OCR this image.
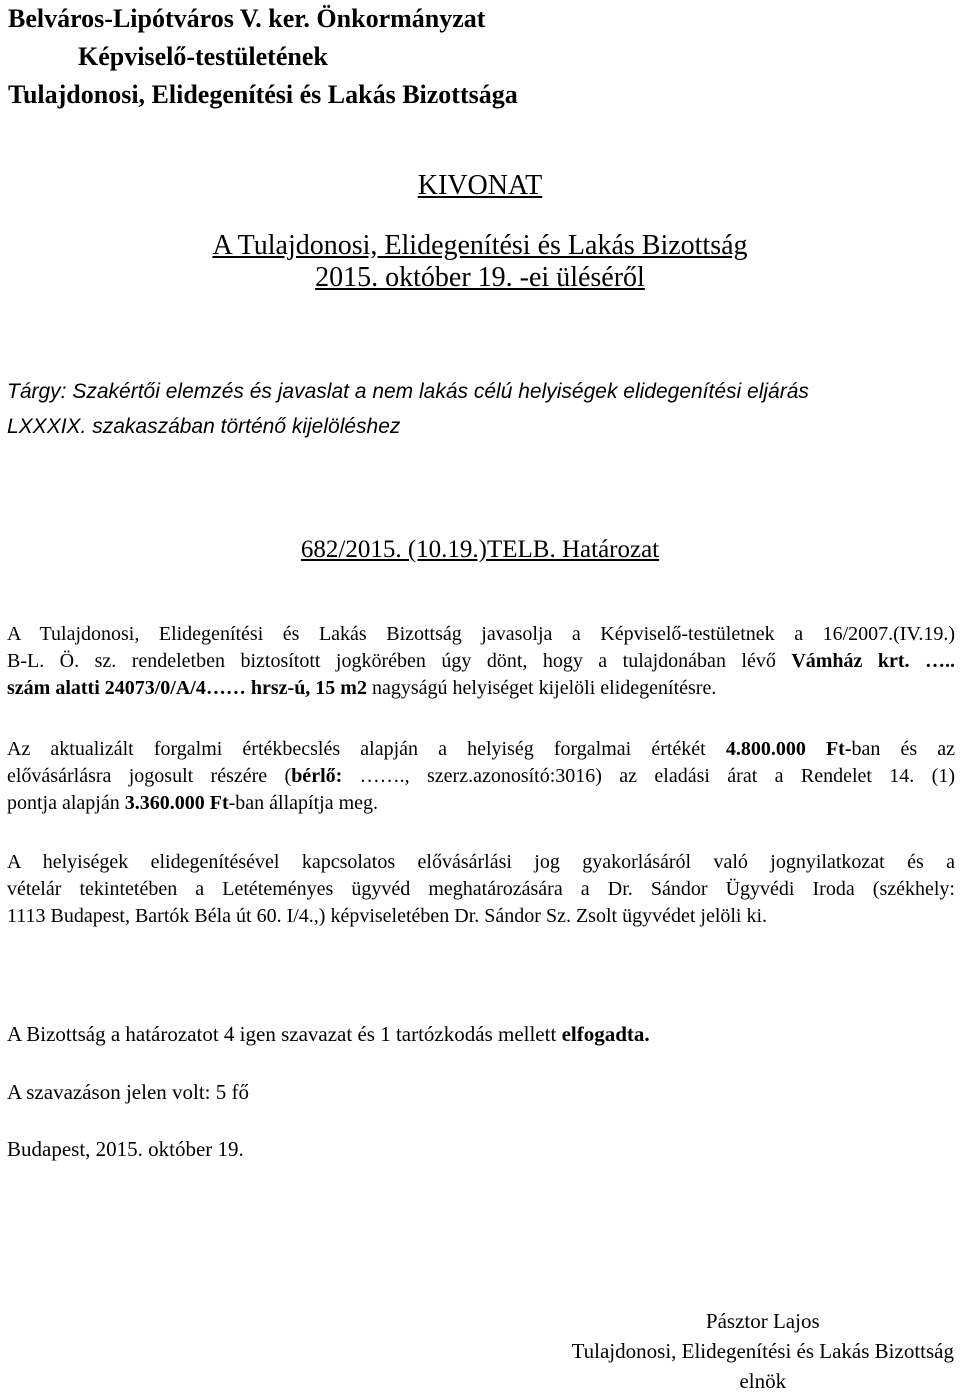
Belváros-Lipótváros V. ker. Önkormányzat
Képviselő-testületének
Tulajdonosi, Elidegenítési és Lakás Bizottsága
KIVONAT
A Tulajdonosi, Elidegenítési és Lakás Bizottság
2015. október 19. -ei üléséről
Tárgy: Szakértői elemzés és javaslat a nem lakás célú helyiségek elidegenítési eljárás
LXXXIX. szakaszában történő kijelöléshez
682/2015. (10.19.)TELB. Határozat
A Tulajdonosi, Elidegenítési és Lakás Bizottság javasolja a Képviselő-testületnek a 16/2007.(IV.19.)
B-L. Ö. sz. rendeletben biztosított jogkörében úgy dönt, hogy a tulajdonában lévő Vámház krt. …..
szám alatti 24073/0/A/4…… hrsz-ú, 15 m2 nagyságú helyiséget kijelöli elidegenítésre.
Az aktualizált forgalmi értékbecslés alapján a helyiség forgalmai értékét 4.800.000 Ft-ban és az
elővásárlásra jogosult részére (bérlő: ……., szerz.azonosító:3016) az eladási árat a Rendelet 14. (1)
pontja alapján 3.360.000 Ft-ban állapítja meg.
A helyiségek elidegenítésével kapcsolatos elővásárlási jog gyakorlásáról való jognyilatkozat és a
vételár tekintetében a Letéteményes ügyvéd meghatározására a Dr. Sándor Ügyvédi Iroda (székhely:
1113 Budapest, Bartók Béla út 60. I/4.,) képviseletében Dr. Sándor Sz. Zsolt ügyvédet jelöli ki.
A Bizottság a határozatot 4 igen szavazat és 1 tartózkodás mellett elfogadta.
A szavazáson jelen volt: 5 fő
Budapest, 2015. október 19.
Pásztor Lajos
Tulajdonosi, Elidegenítési és Lakás Bizottság
elnök
